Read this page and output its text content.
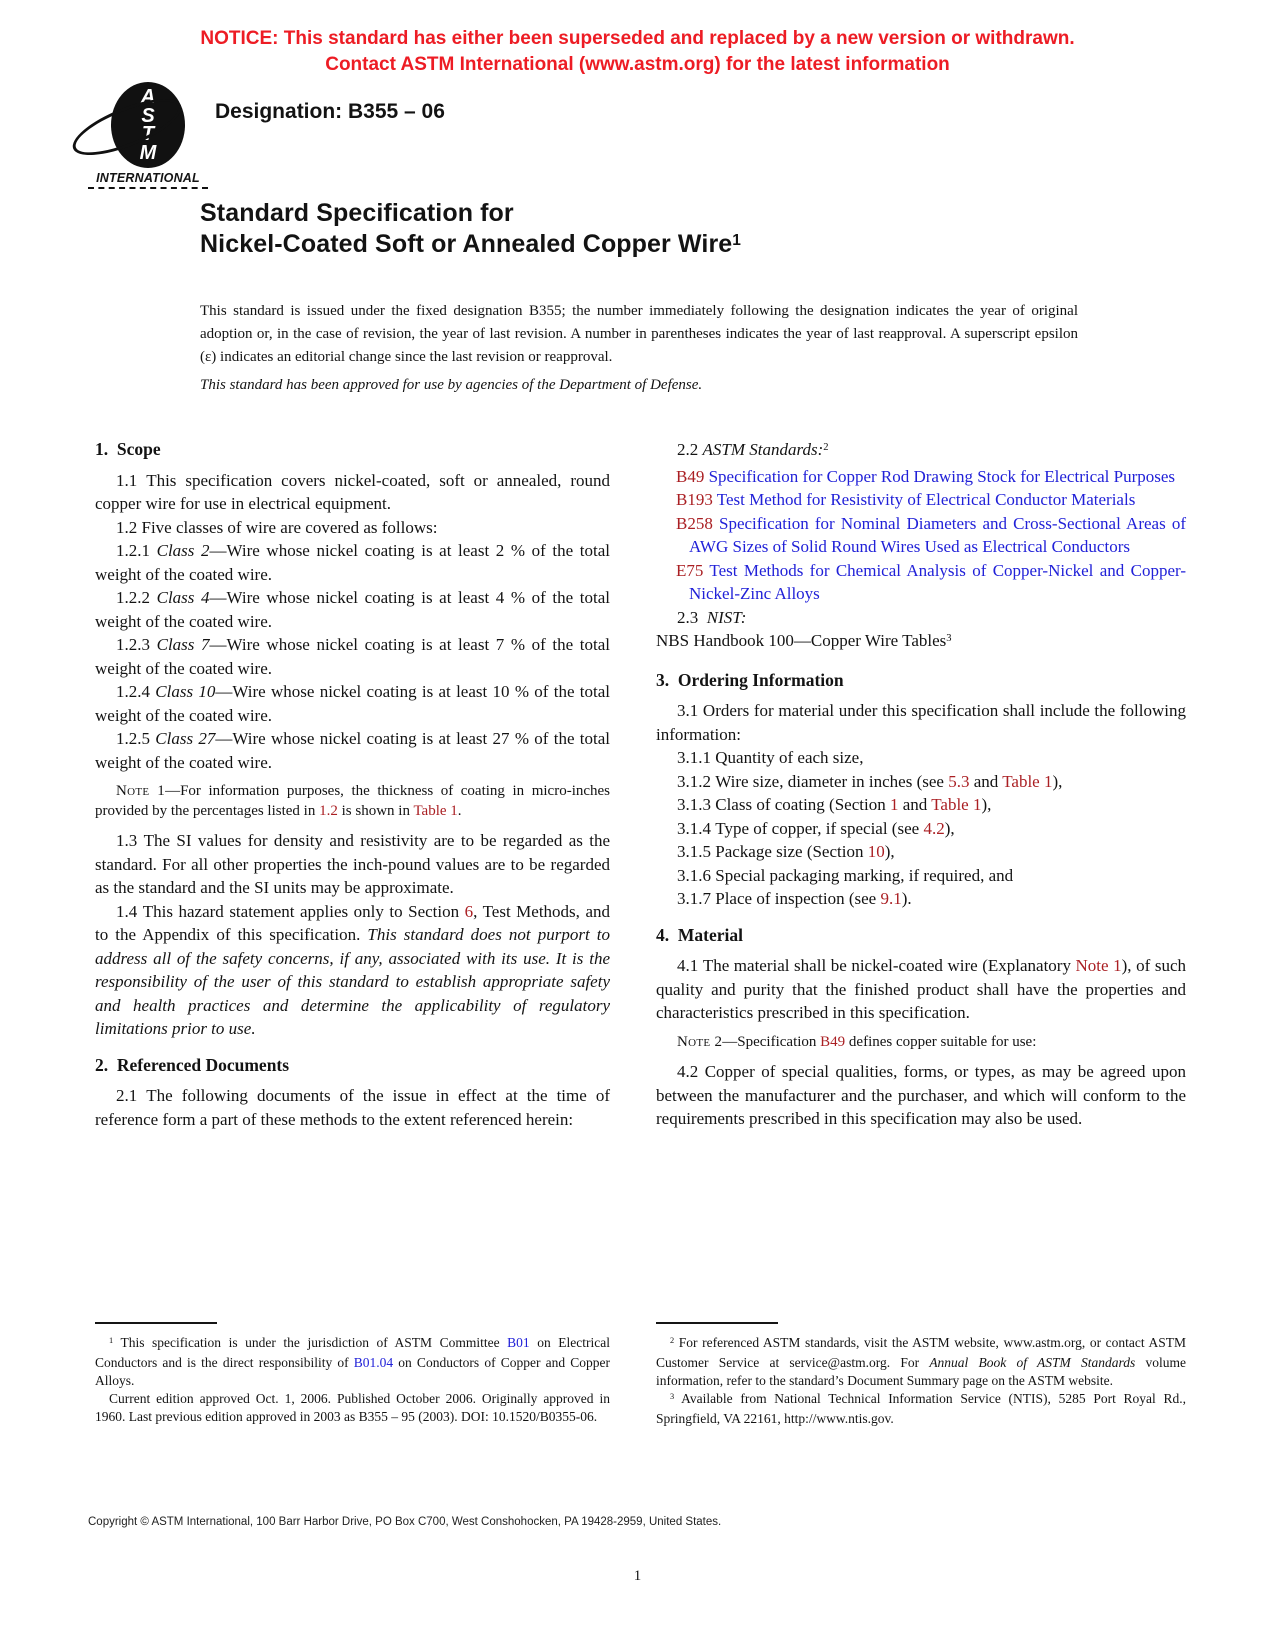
NOTICE: This standard has either been superseded and replaced by a new version or withdrawn.
Contact ASTM International (www.astm.org) for the latest information
A
S
T
M
INTERNATIONAL
Designation: B355 – 06
Standard Specification for
Nickel-Coated Soft or Annealed Copper Wire$^1$
This standard is issued under the fixed designation B355; the number immediately following the designation indicates the year of original adoption or, in the case of revision, the year of last revision. A number in parentheses indicates the year of last reapproval. A superscript epsilon (ε) indicates an editorial change since the last revision or reapproval.
This standard has been approved for use by agencies of the Department of Defense.
1.  Scope
1.1 This specification covers nickel-coated, soft or annealed, round copper wire for use in electrical equipment.
1.2 Five classes of wire are covered as follows:
1.2.1 Class 2—Wire whose nickel coating is at least 2 % of the total weight of the coated wire.
1.2.2 Class 4—Wire whose nickel coating is at least 4 % of the total weight of the coated wire.
1.2.3 Class 7—Wire whose nickel coating is at least 7 % of the total weight of the coated wire.
1.2.4 Class 10—Wire whose nickel coating is at least 10 % of the total weight of the coated wire.
1.2.5 Class 27—Wire whose nickel coating is at least 27 % of the total weight of the coated wire.
Note 1—For information purposes, the thickness of coating in micro-inches provided by the percentages listed in 1.2 is shown in Table 1.
1.3 The SI values for density and resistivity are to be regarded as the standard. For all other properties the inch-pound values are to be regarded as the standard and the SI units may be approximate.
1.4 This hazard statement applies only to Section 6, Test Methods, and to the Appendix of this specification. This standard does not purport to address all of the safety concerns, if any, associated with its use. It is the responsibility of the user of this standard to establish appropriate safety and health practices and determine the applicability of regulatory limitations prior to use.
2.  Referenced Documents
2.1 The following documents of the issue in effect at the time of reference form a part of these methods to the extent referenced herein:
2.2 ASTM Standards:$^2$
B49 Specification for Copper Rod Drawing Stock for Electrical Purposes
B193 Test Method for Resistivity of Electrical Conductor Materials
B258 Specification for Nominal Diameters and Cross-Sectional Areas of AWG Sizes of Solid Round Wires Used as Electrical Conductors
E75 Test Methods for Chemical Analysis of Copper-Nickel and Copper-Nickel-Zinc Alloys
2.3  NIST:
NBS Handbook 100—Copper Wire Tables$^3$
3.  Ordering Information
3.1 Orders for material under this specification shall include the following information:
3.1.1 Quantity of each size,
3.1.2 Wire size, diameter in inches (see 5.3 and Table 1),
3.1.3 Class of coating (Section 1 and Table 1),
3.1.4 Type of copper, if special (see 4.2),
3.1.5 Package size (Section 10),
3.1.6 Special packaging marking, if required, and
3.1.7 Place of inspection (see 9.1).
4.  Material
4.1 The material shall be nickel-coated wire (Explanatory Note 1), of such quality and purity that the finished product shall have the properties and characteristics prescribed in this specification.
Note 2—Specification B49 defines copper suitable for use:
4.2 Copper of special qualities, forms, or types, as may be agreed upon between the manufacturer and the purchaser, and which will conform to the requirements prescribed in this specification may also be used.
$^1$ This specification is under the jurisdiction of ASTM Committee B01 on Electrical Conductors and is the direct responsibility of B01.04 on Conductors of Copper and Copper Alloys.
Current edition approved Oct. 1, 2006. Published October 2006. Originally approved in 1960. Last previous edition approved in 2003 as B355 – 95 (2003). DOI: 10.1520/B0355-06.
$^2$ For referenced ASTM standards, visit the ASTM website, www.astm.org, or contact ASTM Customer Service at service@astm.org. For Annual Book of ASTM Standards volume information, refer to the standard’s Document Summary page on the ASTM website.
$^3$ Available from National Technical Information Service (NTIS), 5285 Port Royal Rd., Springfield, VA 22161, http://www.ntis.gov.
Copyright © ASTM International, 100 Barr Harbor Drive, PO Box C700, West Conshohocken, PA 19428-2959, United States.
1
